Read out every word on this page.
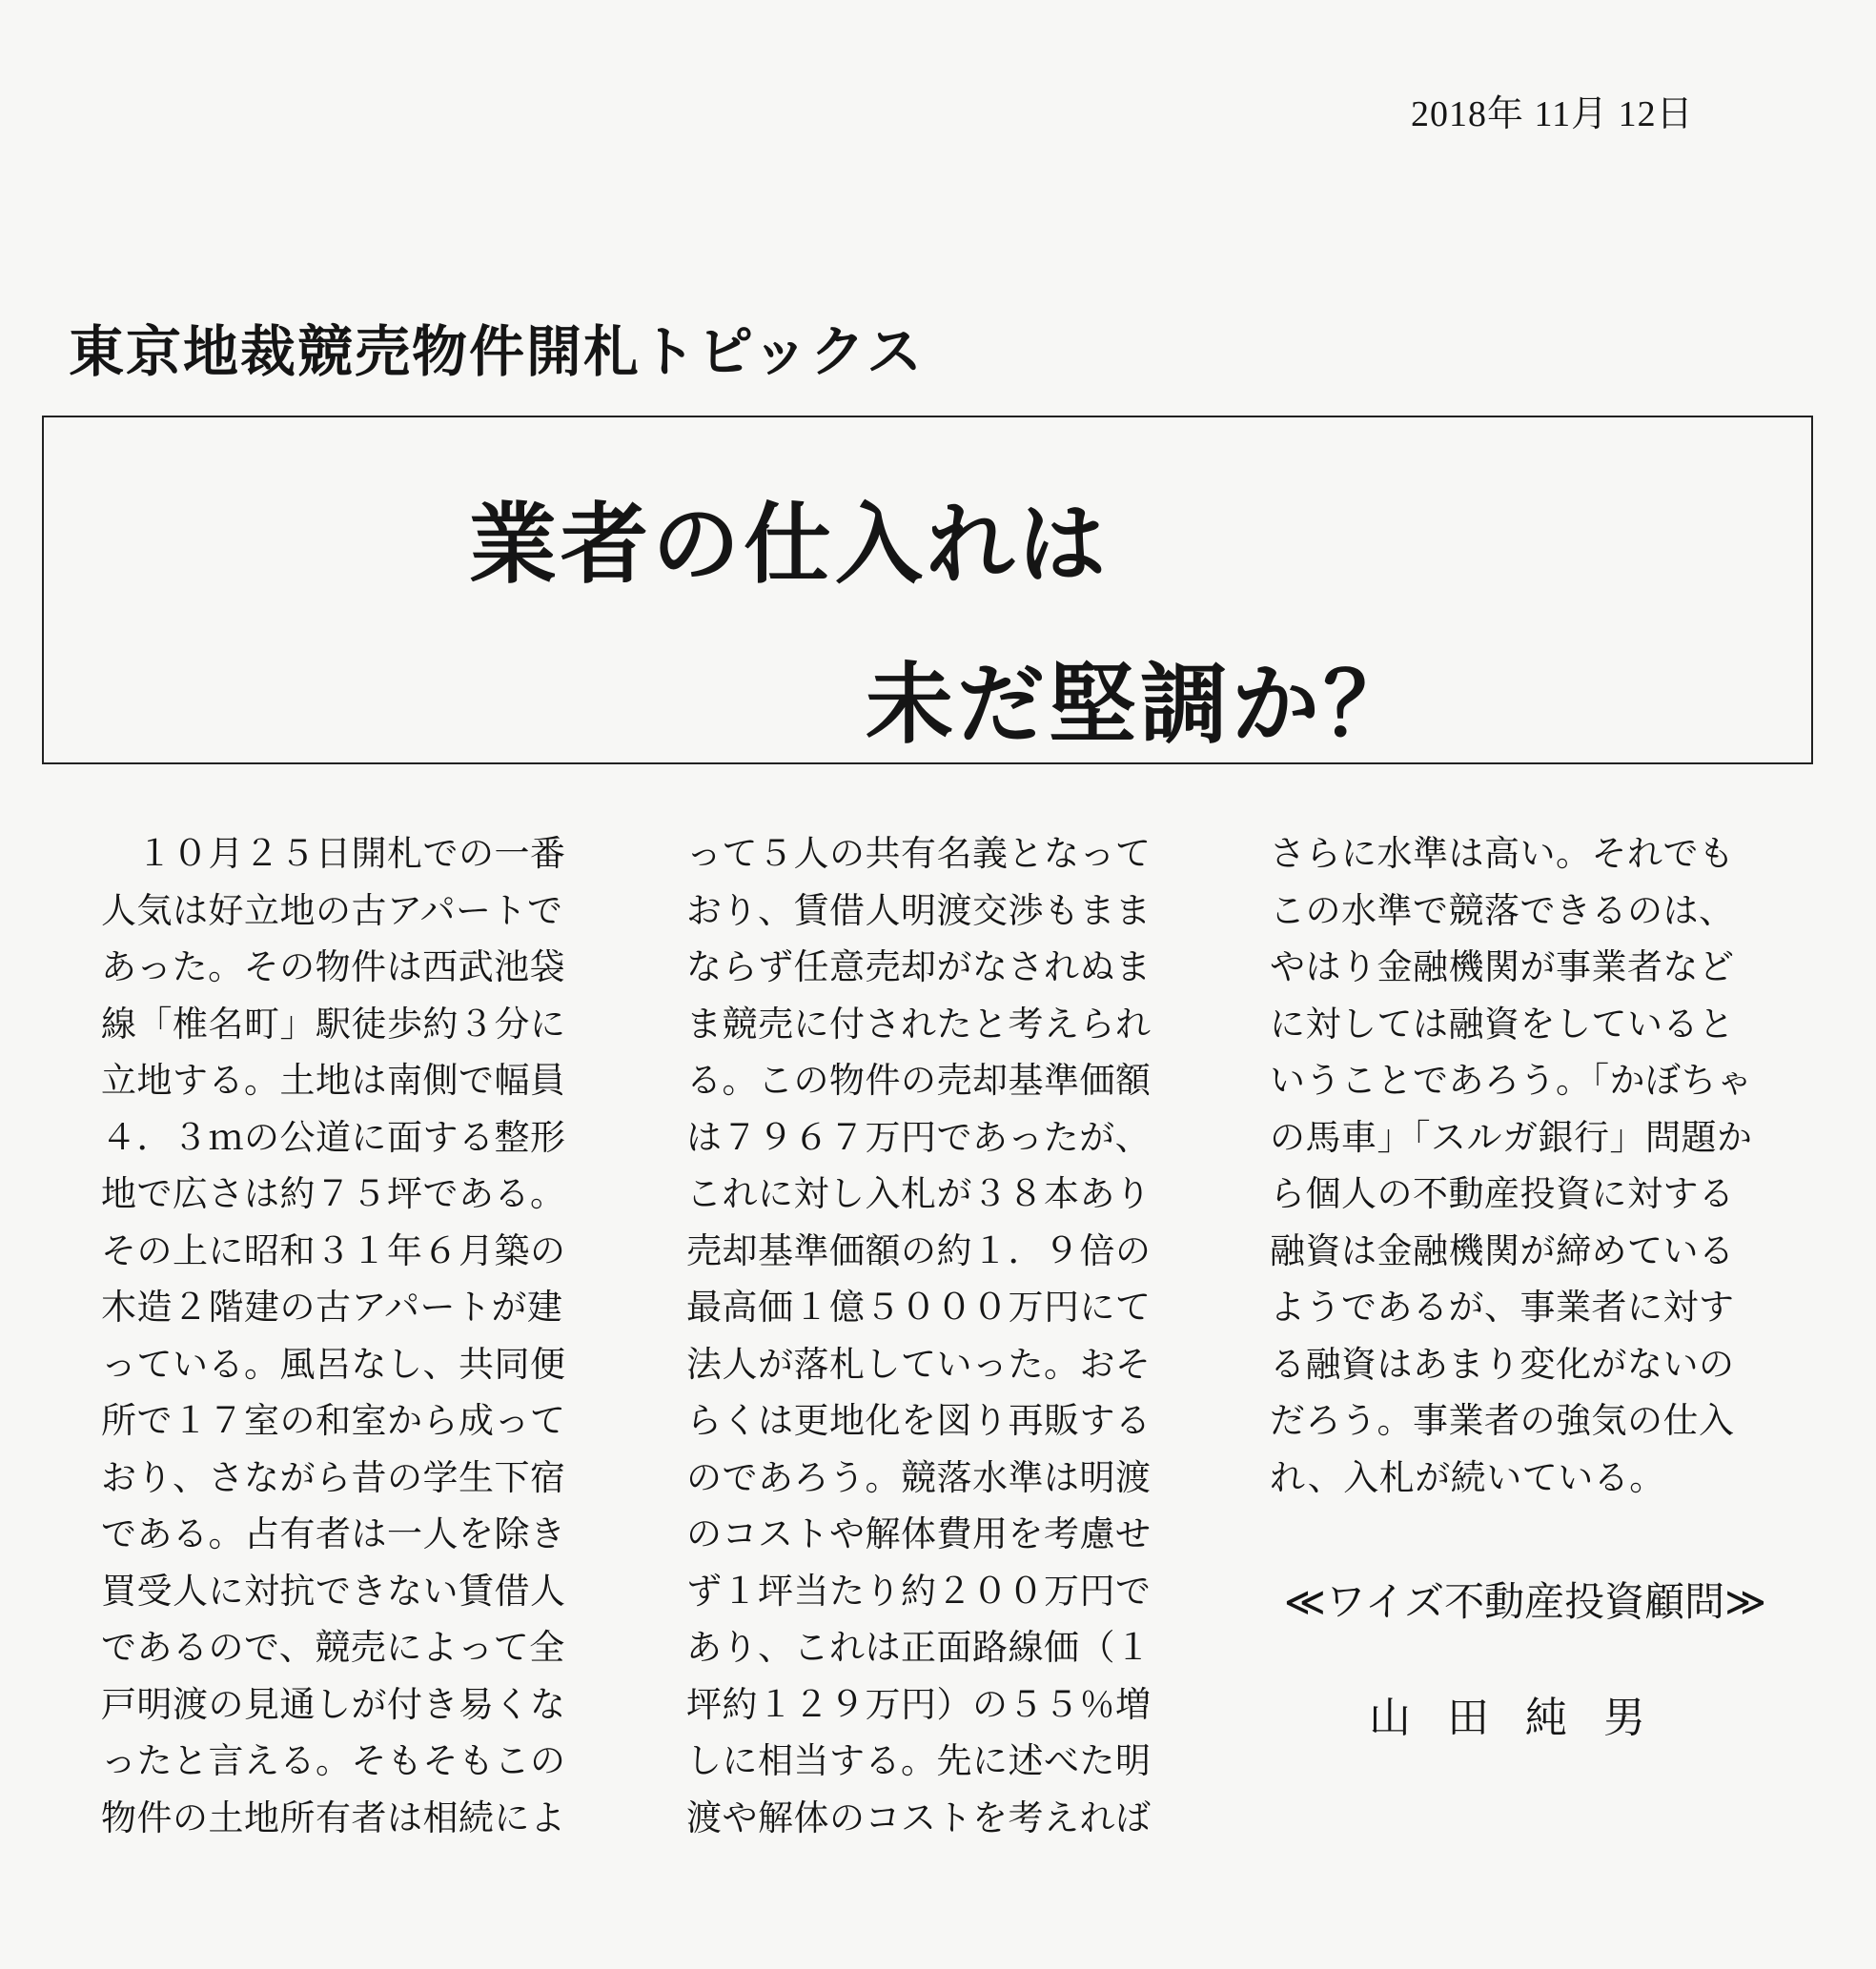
2018年 11月 12日
東京地裁競売物件開札トピックス
業者の仕入れは
未だ堅調か？
　１０月２５日開札での一番
人気は好立地の古アパートで
あった。その物件は西武池袋
線「椎名町」駅徒歩約３分に
立地する。土地は南側で幅員
４．３ｍの公道に面する整形
地で広さは約７５坪である。
その上に昭和３１年６月築の
木造２階建の古アパートが建
っている。風呂なし、共同便
所で１７室の和室から成って
おり、さながら昔の学生下宿
である。占有者は一人を除き
買受人に対抗できない賃借人
であるので、競売によって全
戸明渡の見通しが付き易くな
ったと言える。そもそもこの
物件の土地所有者は相続によ
って５人の共有名義となって
おり、賃借人明渡交渉もまま
ならず任意売却がなされぬま
ま競売に付されたと考えられ
る。この物件の売却基準価額
は７９６７万円であったが、
これに対し入札が３８本あり
売却基準価額の約１．９倍の
最高価１億５０００万円にて
法人が落札していった。おそ
らくは更地化を図り再販する
のであろう。競落水準は明渡
のコストや解体費用を考慮せ
ず１坪当たり約２００万円で
あり、これは正面路線価（１
坪約１２９万円）の５５％増
しに相当する。先に述べた明
渡や解体のコストを考えれば
さらに水準は高い。それでも
この水準で競落できるのは、
やはり金融機関が事業者など
に対しては融資をしていると
いうことであろう。「かぼちゃ
の馬車」「スルガ銀行」問題か
ら個人の不動産投資に対する
融資は金融機関が締めている
ようであるが、事業者に対す
る融資はあまり変化がないの
だろう。事業者の強気の仕入
れ、入札が続いている。
≪ワイズ不動産投資顧問≫
山田純男
